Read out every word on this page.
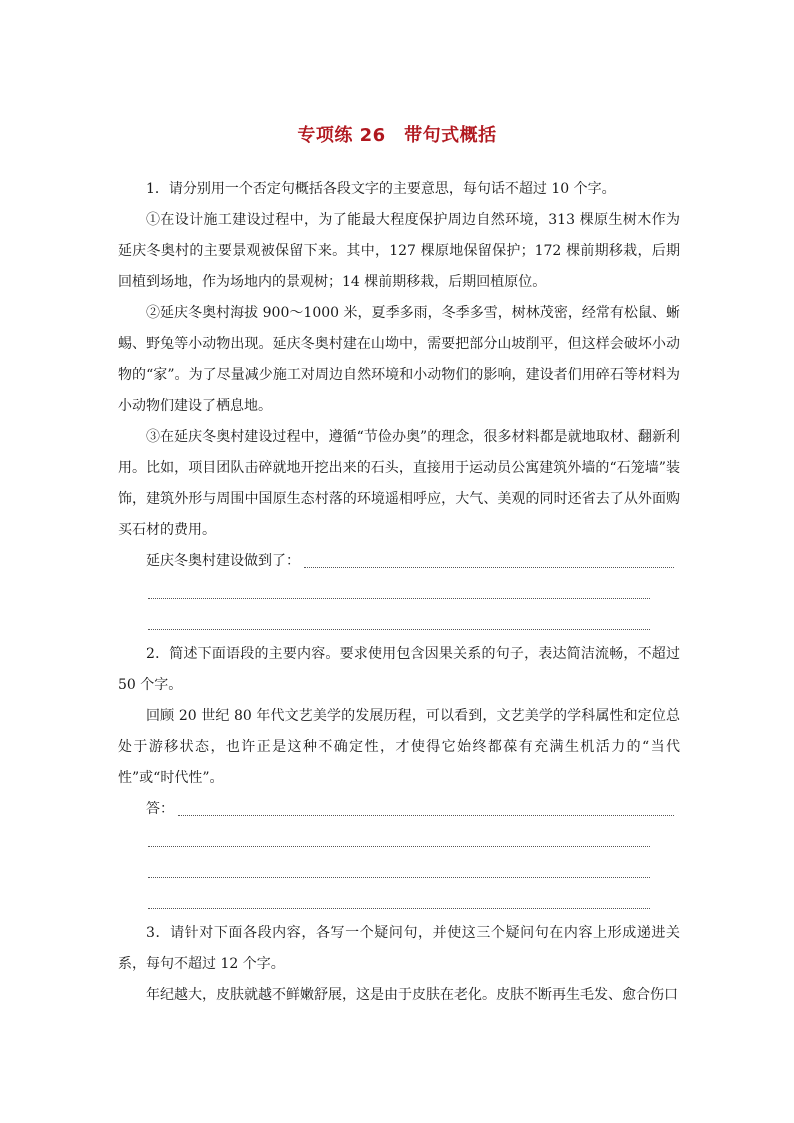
专项练 26　带句式概括

1．请分别用一个否定句概括各段文字的主要意思，每句话不超过 10 个字。

①在设计施工建设过程中，为了能最大程度保护周边自然环境，313 棵原生树木作为延庆冬奥村的主要景观被保留下来。其中，127 棵原地保留保护；172 棵前期移栽，后期回植到场地，作为场地内的景观树；14 棵前期移栽，后期回植原位。

②延庆冬奥村海拔 900～1000 米，夏季多雨，冬季多雪，树林茂密，经常有松鼠、蜥蜴、野兔等小动物出现。延庆冬奥村建在山坳中，需要把部分山坡削平，但这样会破坏小动物的“家”。为了尽量减少施工对周边自然环境和小动物们的影响，建设者们用碎石等材料为小动物们建设了栖息地。

③在延庆冬奥村建设过程中，遵循“节俭办奥”的理念，很多材料都是就地取材、翻新利用。比如，项目团队击碎就地开挖出来的石头，直接用于运动员公寓建筑外墙的“石笼墙”装饰，建筑外形与周围中国原生态村落的环境遥相呼应，大气、美观的同时还省去了从外面购买石材的费用。

延庆冬奥村建设做到了：

2．简述下面语段的主要内容。要求使用包含因果关系的句子，表达简洁流畅，不超过 50 个字。

回顾 20 世纪 80 年代文艺美学的发展历程，可以看到，文艺美学的学科属性和定位总处于游移状态，也许正是这种不确定性，才使得它始终都葆有充满生机活力的“当代性”或“时代性”。

答：

3．请针对下面各段内容，各写一个疑问句，并使这三个疑问句在内容上形成递进关系，每句不超过 12 个字。

年纪越大，皮肤就越不鲜嫩舒展，这是由于皮肤在老化。皮肤不断再生毛发、愈合伤口
